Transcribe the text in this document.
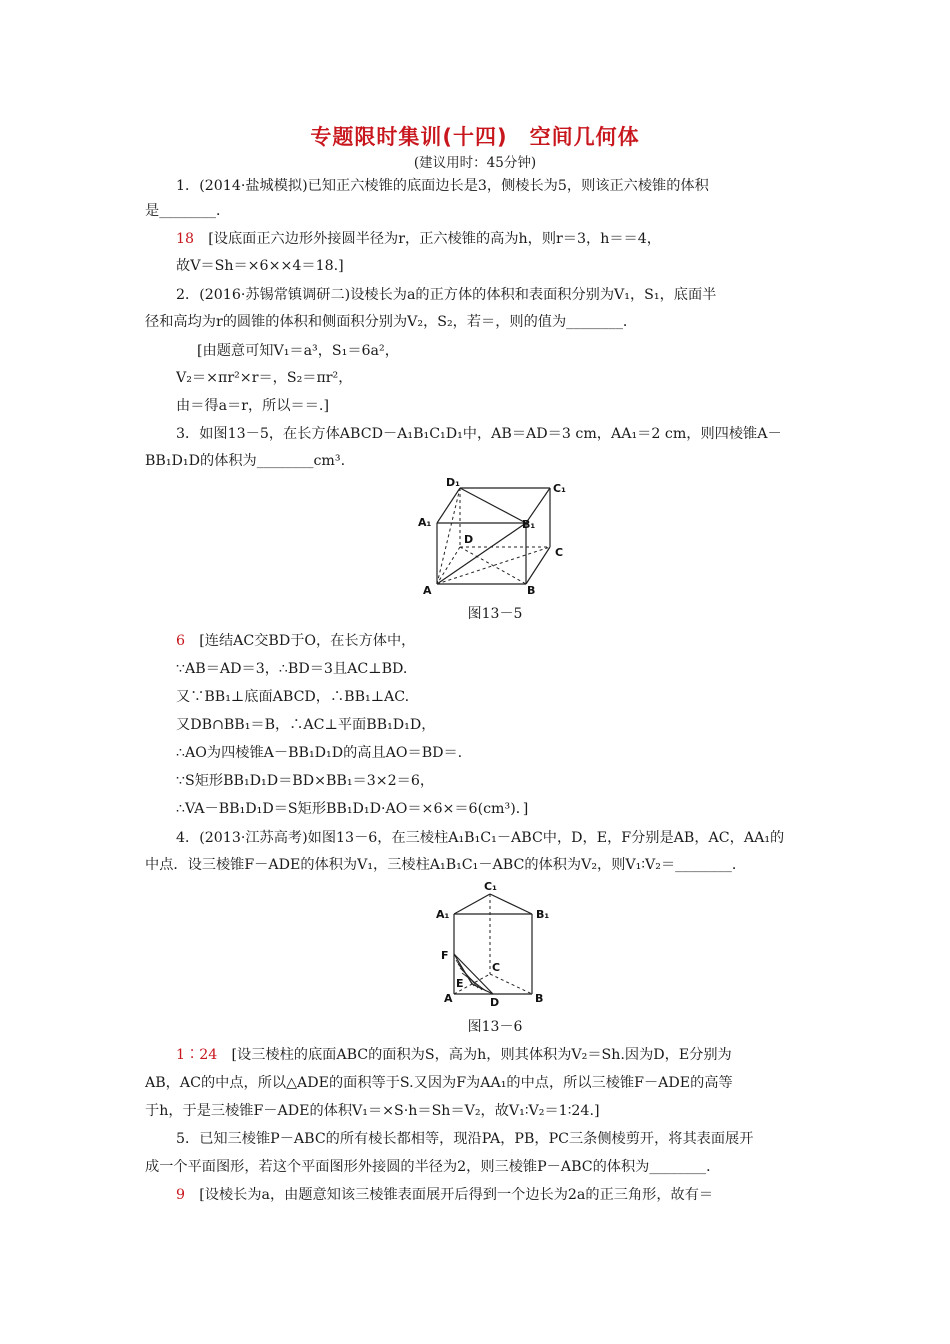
专题限时集训(十四)　空间几何体
(建议用时：45分钟)
1．(2014·盐城模拟)已知正六棱锥的底面边长是3，侧棱长为5，则该正六棱锥的体积
是________．
18  [设底面正六边形外接圆半径为r，正六棱锥的高为h，则r＝3，h＝＝4，
故V＝Sh＝×6××4＝18.]
2．(2016·苏锡常镇调研二)设棱长为a的正方体的体积和表面积分别为V₁，S₁，底面半
径和高均为r的圆锥的体积和侧面积分别为V₂，S₂，若＝，则的值为________．
[由题意可知V₁＝a³，S₁＝6a²，
V₂＝×πr²×r＝，S₂＝πr²，
由＝得a＝r，所以＝＝.]
3．如图13－5，在长方体ABCD－A₁B₁C₁D₁中，AB＝AD＝3 cm，AA₁＝2 cm，则四棱锥A－
BB₁D₁D的体积为________cm³.
D₁	C₁
A₁	B₁
D
C
A	B
图13－5
6  [连结AC交BD于O，在长方体中，
∵AB＝AD＝3，∴BD＝3且AC⊥BD.
又∵BB₁⊥底面ABCD，∴BB₁⊥AC.
又DB∩BB₁＝B，∴AC⊥平面BB₁D₁D，
∴AO为四棱锥A－BB₁D₁D的高且AO＝BD＝.
∵S矩形BB₁D₁D＝BD×BB₁＝3×2＝6，
∴VA－BB₁D₁D＝S矩形BB₁D₁D·AO＝×6×＝6(cm³)．]
4．(2013·江苏高考)如图13－6，在三棱柱A₁B₁C₁－ABC中，D，E，F分别是AB，AC，AA₁的
中点．设三棱锥F－ADE的体积为V₁，三棱柱A₁B₁C₁－ABC的体积为V₂，则V₁∶V₂＝________．
C₁
A₁	B₁
F
C
E
A	D	B
图13－6
1∶24  [设三棱柱的底面ABC的面积为S，高为h，则其体积为V₂＝Sh.因为D，E分别为
AB，AC的中点，所以△ADE的面积等于S.又因为F为AA₁的中点，所以三棱锥F－ADE的高等
于h，于是三棱锥F－ADE的体积V₁＝×S·h＝Sh＝V₂，故V₁∶V₂＝1∶24.]
5．已知三棱锥P－ABC的所有棱长都相等，现沿PA，PB，PC三条侧棱剪开，将其表面展开
成一个平面图形，若这个平面图形外接圆的半径为2，则三棱锥P－ABC的体积为________．
9  [设棱长为a，由题意知该三棱锥表面展开后得到一个边长为2a的正三角形，故有＝
